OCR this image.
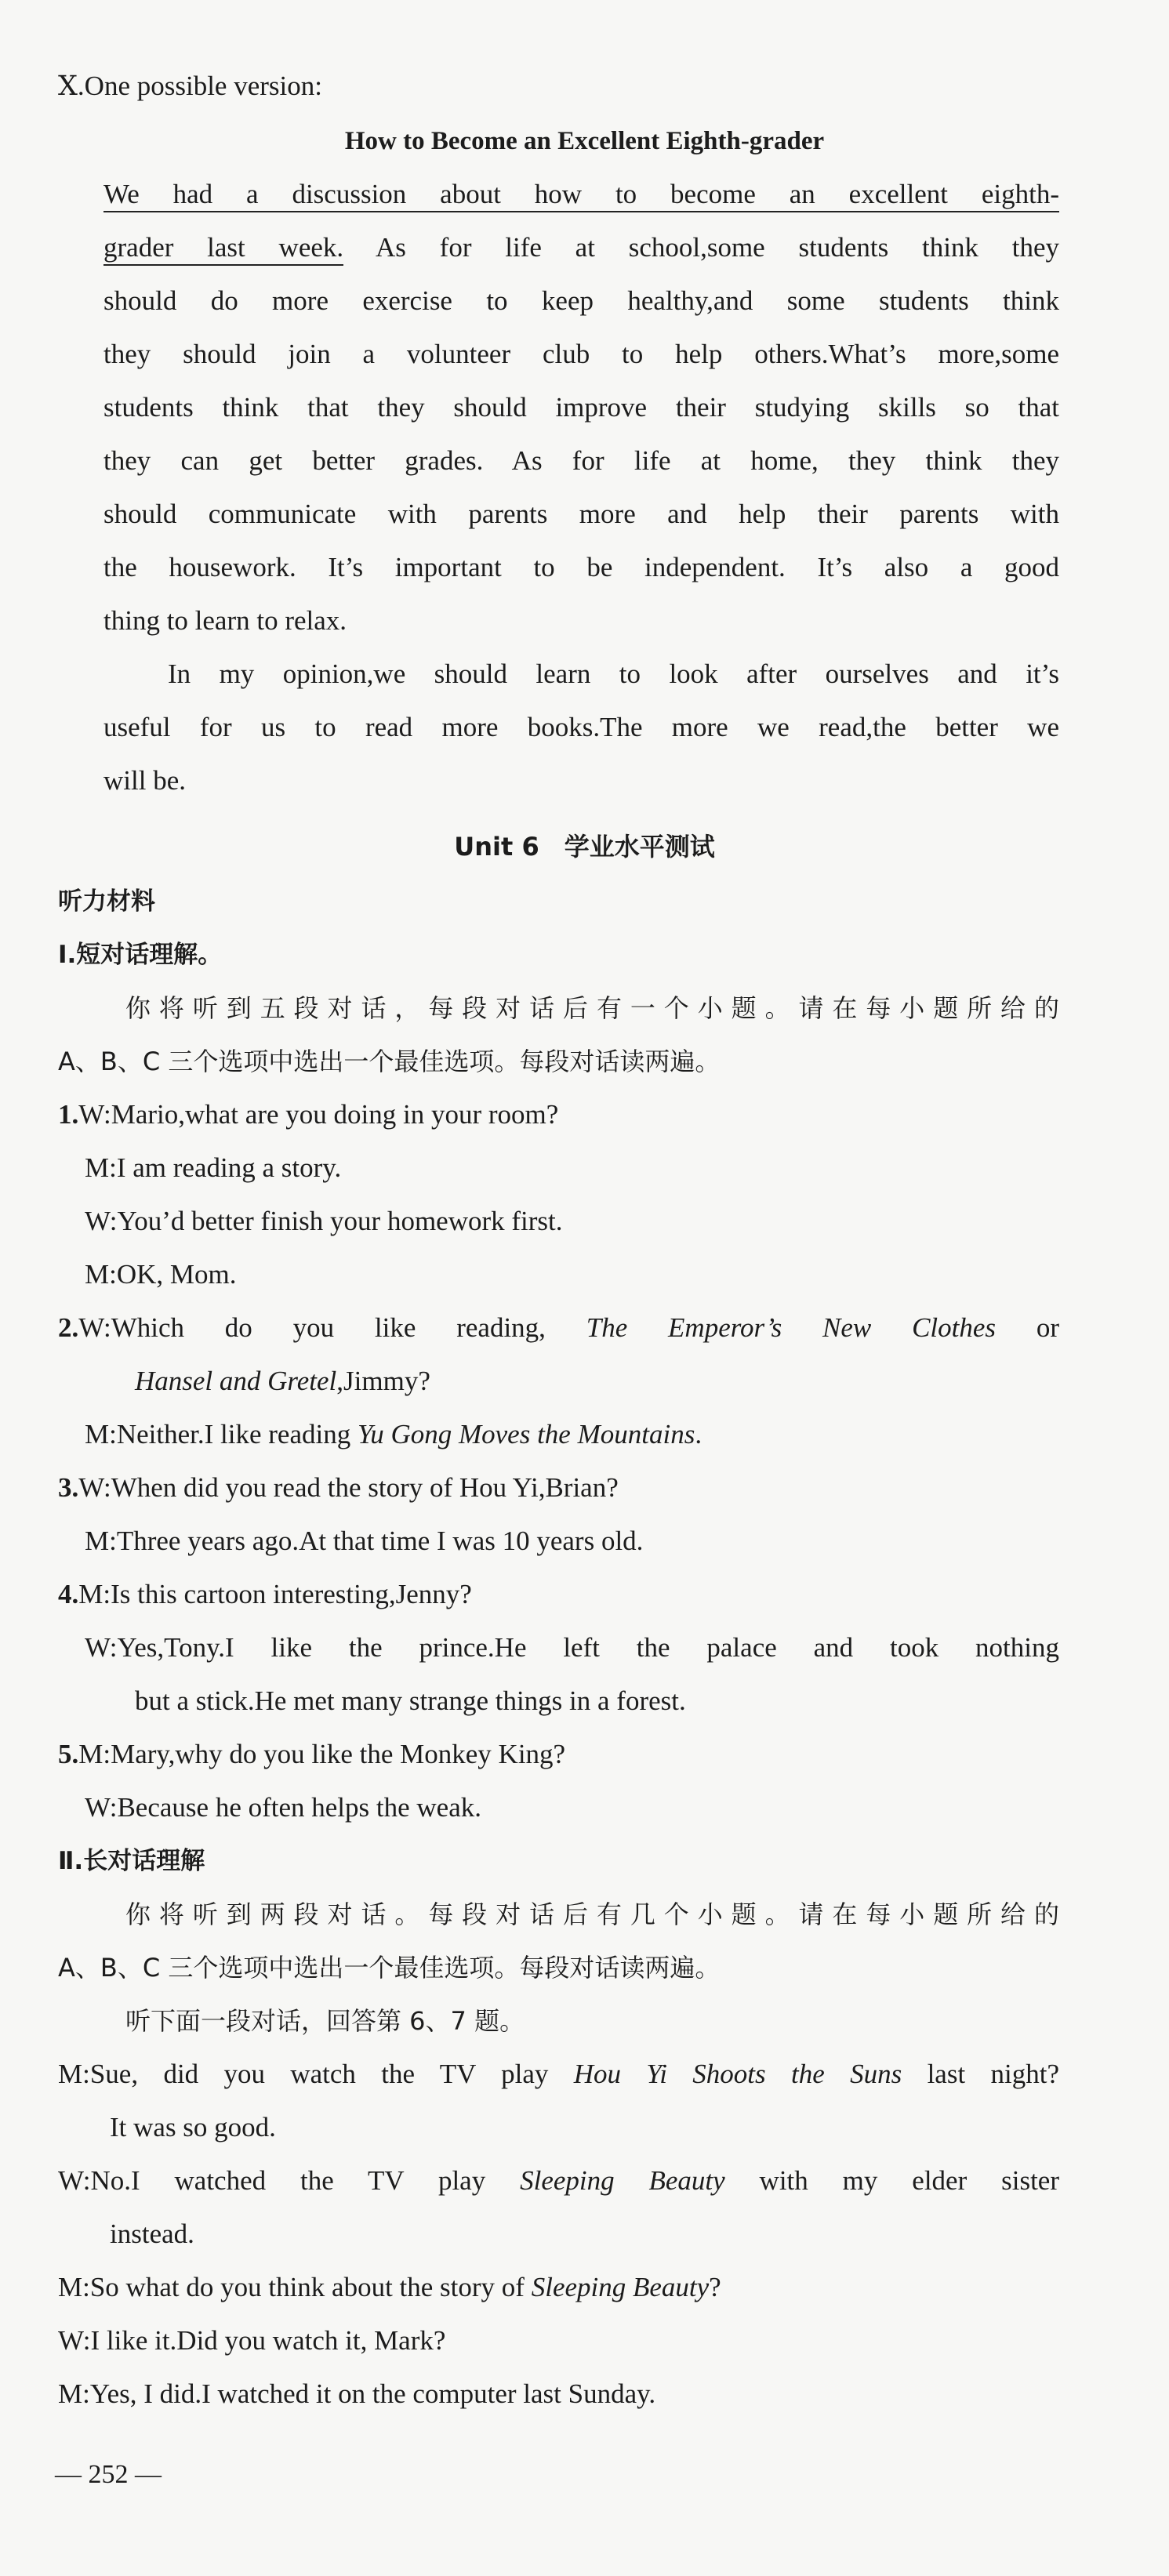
Ⅹ.One possible version:
How to Become an Excellent Eighth-grader
We had a discussion about how to become an excellent eighth-
grader last week. As for life at school,some students think they
should do more exercise to keep healthy,and some students think
they should join a volunteer club to help others.What’s more,some
students think that they should improve their studying skills so that
they can get better grades. As for life at home, they think they
should communicate with parents more and help their parents with
the housework. It’s important to be independent. It’s also a good
thing to learn to relax.
In my opinion,we should learn to look after ourselves and it’s
useful for us to read more books.The more we read,the better we
will be.
Unit 6　学业水平测试
听力材料
Ⅰ.短对话理解。
你将听到五段对话，每段对话后有一个小题。请在每小题所给的
A、B、C 三个选项中选出一个最佳选项。每段对话读两遍。
1.W:Mario,what are you doing in your room?
M:I am reading a story.
W:You’d better finish your homework first.
M:OK, Mom.
2.W:Which do you like reading, The Emperor’s New Clothes or
Hansel and Gretel,Jimmy?
M:Neither.I like reading Yu Gong Moves the Mountains.
3.W:When did you read the story of Hou Yi,Brian?
M:Three years ago.At that time I was 10 years old.
4.M:Is this cartoon interesting,Jenny?
W:Yes,Tony.I like the prince.He left the palace and took nothing
but a stick.He met many strange things in a forest.
5.M:Mary,why do you like the Monkey King?
W:Because he often helps the weak.
Ⅱ.长对话理解
你将听到两段对话。每段对话后有几个小题。请在每小题所给的
A、B、C 三个选项中选出一个最佳选项。每段对话读两遍。
听下面一段对话，回答第 6、7 题。
M:Sue, did you watch the TV play Hou Yi Shoots the Suns last night?
It was so good.
W:No.I watched the TV play Sleeping Beauty with my elder sister
instead.
M:So what do you think about the story of Sleeping Beauty?
W:I like it.Did you watch it, Mark?
M:Yes, I did.I watched it on the computer last Sunday.
— 252 —
